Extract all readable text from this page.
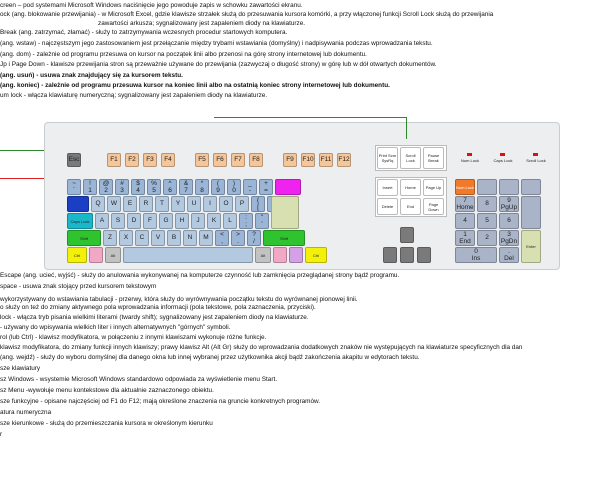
creen – pod systemami Microsoft Windows naciśnięcie jego powoduje zapis w schowku zawartości ekranu.
ock (ang. blokowanie przewijania) - w Microsoft Excel, gdzie klawisze strzałek służą do przesuwania kursora komórki, a przy włączonej funkcji Scroll Lock służą do przewijania
zawartości arkusza; sygnalizowany jest zapaleniem diody na klawiaturze.
Break (ang. zatrzymać, złamać) - służy to zatrzymywania wczesnych procedur startowych komputera.
(ang. wstaw) - najczęstszym jego zastosowaniem jest przełączanie między trybami wstawiania (domyślny) i nadpisywania podczas wprowadzania tekstu.
(ang. dom) - zależnie od programu przesuwa on kursor na początek linii albo przenosi na górę strony internetowej lub dokumentu.
Jp i Page Down - klawisze przewijania stron są przeważnie używane do przewijania (zazwyczaj o długość strony) w górę lub w dół otwartych dokumentów.
(ang. usuń) - usuwa znak znajdujący się za kursorem tekstu.
(ang. koniec) - zależnie od programu przesuwa kursor na koniec linii albo na ostatnią koniec strony internetowej lub dokumentu.
um lock - włącza klawiaturę numeryczną; sygnalizowany jest zapaleniem diody na klawiaturze.
Esc	F1 F2 F3 F4	F5 F6 F7 F8	F9 F10 F11 F12
Print Scrn SysRq
Scroll Lock
Pause Break	Num Lock	Caps Lock	Scroll Lock
~
`
!
1
@
2
#
3
$
4
%
5
^
6
&
7
*
8
(
9
)
0
_
-
+
=
Q W E R T Y U I O P {
[
Caps Lock A S D F G H J K L :
;
"
'
Shift	Z X C V B N M <
,
>
.
?
/	Shift
Ctrl	Alt	Alt	Ctrl
Insert	Home Page Up
Delete	End	Page Down
Num Lock
7
Home 8	9
PgUp
4	5	6
1
End 2	3
PgDn
Enter
0
Ins
.
Del
Escape (ang. ucieć, wyjść) - służy do anulowania wykonywanej na komputerze czynność lub zamknięcia przeglądanej strony bądź programu.
space - usuwa znak stojący przed kursorem tekstowym
wykorzystywany do wstawiania tabulacji - przerwy, która służy do wyrównywania początku tekstu do wyrównanej pionowej linii.
o służy on też do zmiany aktywnego pola wprowadzania informacji (pola tekstowe, pola zaznaczenia, przyciski).
lock - włącza tryb pisania wielkimi literami (twardy shift); sygnalizowany jest zapaleniem diody na klawiaturze.
- używany do wpisywania wielkich liter i innych alternatywnych "górnych" symboli.
rol (lub Ctrl) - klawisz modyfikatora, w połączeniu z innymi klawiszami wykonuje różne funkcje.
klawisz modyfikatora, do zmiany funkcji innych klawiszy; prawy klawisz Alt (Alt Gr) służy do wprowadzania dodatkowych znaków nie występujących na klawiaturze specyficznych dla dan
(ang. wejdź) - służy do wyboru domyślnej dla danego okna lub innej wybranej przez użytkownika akcji bądź zakończenia akapitu w edytorach tekstu.
sze klawiatury
sz Windows - wsystemie Microsoft Windows standardowo odpowiada za wyświetlenie menu Start.
sz Menu -wywołuje menu kontekstowe dla aktualnie zaznaczonego obiektu.
sze funkcyjne - opisane najczęściej od F1 do F12; mają określone znaczenia na gruncie konkretnych programów.
atura numeryczna
sze kierunkowe - służą do przemieszczania kursora w określonym kierunku
r
